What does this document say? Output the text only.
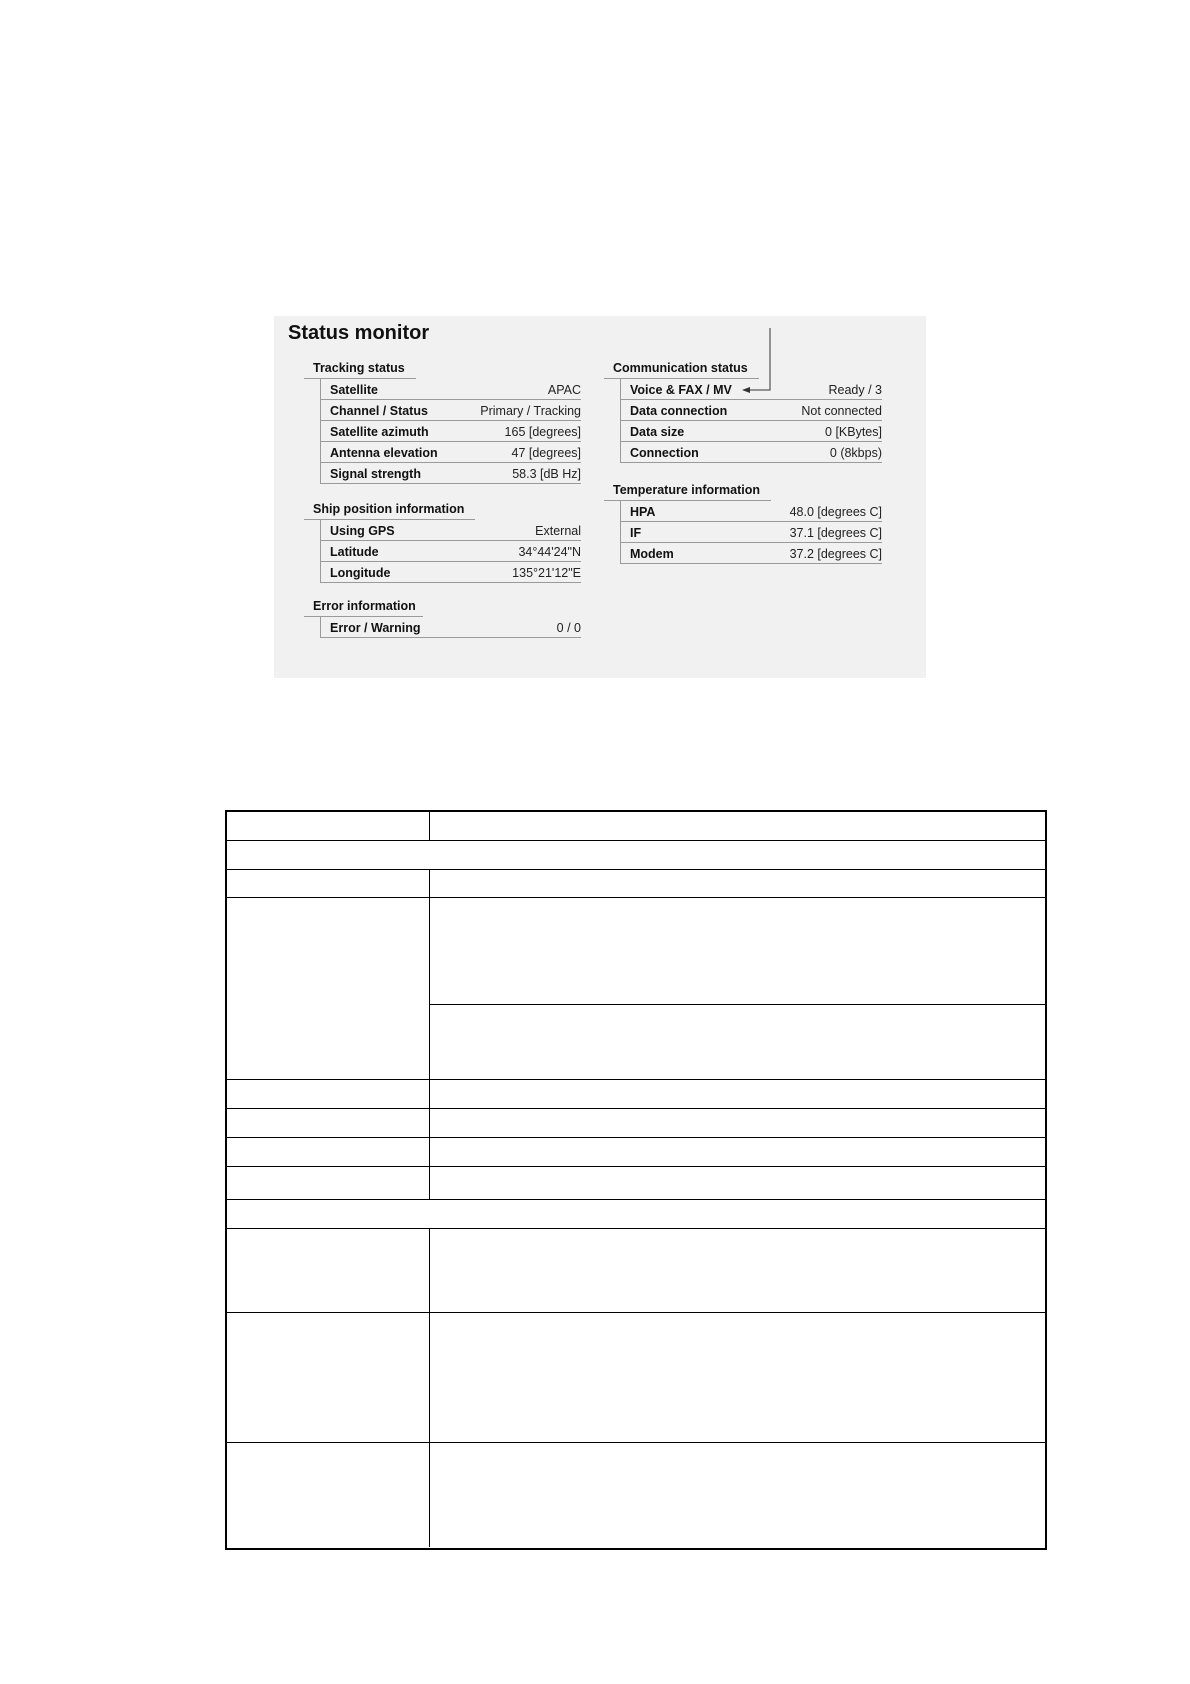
Status monitor
Tracking status
Satellite	APAC
Channel / Status	Primary / Tracking
Satellite azimuth	165 [degrees]
Antenna elevation	47 [degrees]
Signal strength	58.3 [dB Hz]
Ship position information
Using GPS	External
Latitude	34°44'24"N
Longitude	135°21'12"E
Error information
Error / Warning	0 / 0
Communication status
Voice & FAX / MV	Ready / 3
Data connection	Not connected
Data size	0 [KBytes]
Connection	0 (8kbps)
Temperature information
HPA	48.0 [degrees C]
IF	37.1 [degrees C]
Modem	37.2 [degrees C]
